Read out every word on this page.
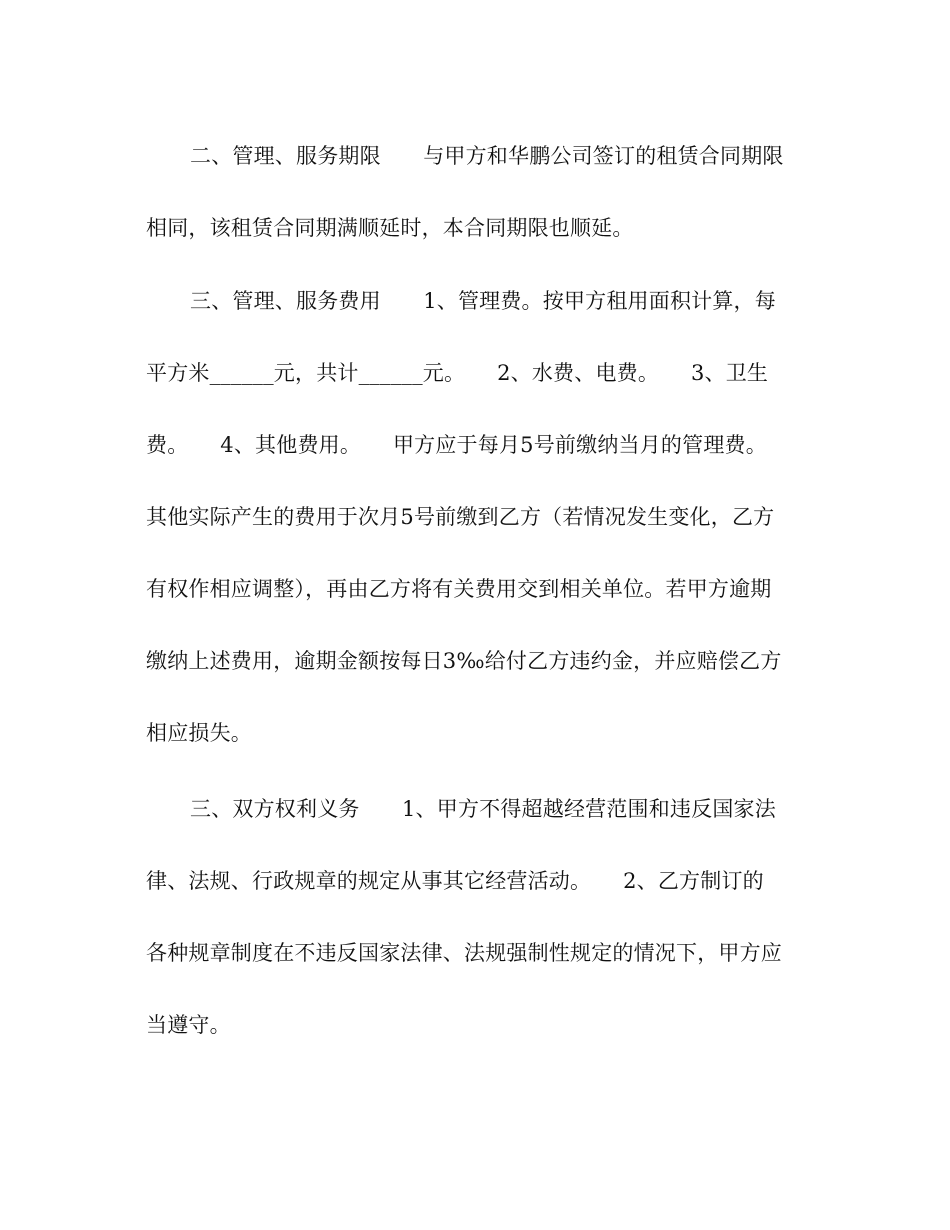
二、管理、服务期限　　与甲方和华鹏公司签订的租赁合同期限
相同，该租赁合同期满顺延时，本合同期限也顺延。
三、管理、服务费用　　1、管理费。按甲方租用面积计算，每
平方米______元，共计______元。　　2、水费、电费。　　3、卫生
费。　　4、其他费用。　　甲方应于每月5号前缴纳当月的管理费。
其他实际产生的费用于次月5号前缴到乙方（若情况发生变化，乙方
有权作相应调整），再由乙方将有关费用交到相关单位。若甲方逾期
缴纳上述费用，逾期金额按每日3‰给付乙方违约金，并应赔偿乙方
相应损失。
三、双方权利义务　　1、甲方不得超越经营范围和违反国家法
律、法规、行政规章的规定从事其它经营活动。　　2、乙方制订的
各种规章制度在不违反国家法律、法规强制性规定的情况下，甲方应
当遵守。
